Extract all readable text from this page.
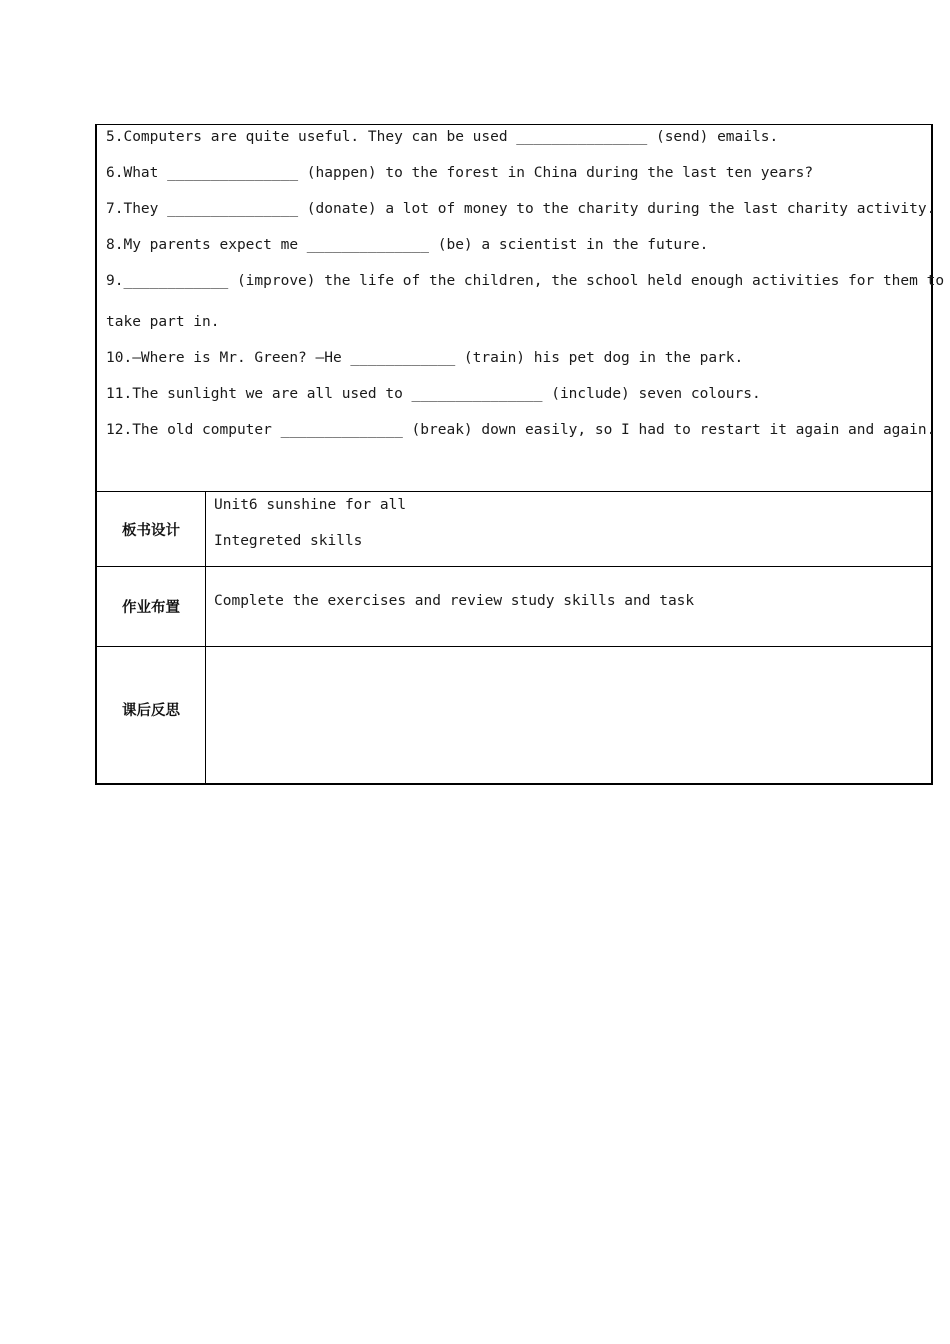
5.Computers are quite useful. They can be used _______________ (send) emails.
6.What _______________ (happen) to the forest in China during the last ten years?
7.They _______________ (donate) a lot of money to the charity during the last charity activity.
8.My parents expect me ______________ (be) a scientist in the future.
9.____________ (improve) the life of the children, the school held enough activities for them to
take part in.
10.—Where is Mr. Green? —He ____________ (train) his pet dog in the park.
11.The sunlight we are all used to _______________ (include) seven colours.
12.The old computer ______________ (break) down easily, so I had to restart it again and again.
板书设计
Unit6 sunshine for all
Integreted skills
作业布置	Complete the exercises and review study skills and task
课后反思
